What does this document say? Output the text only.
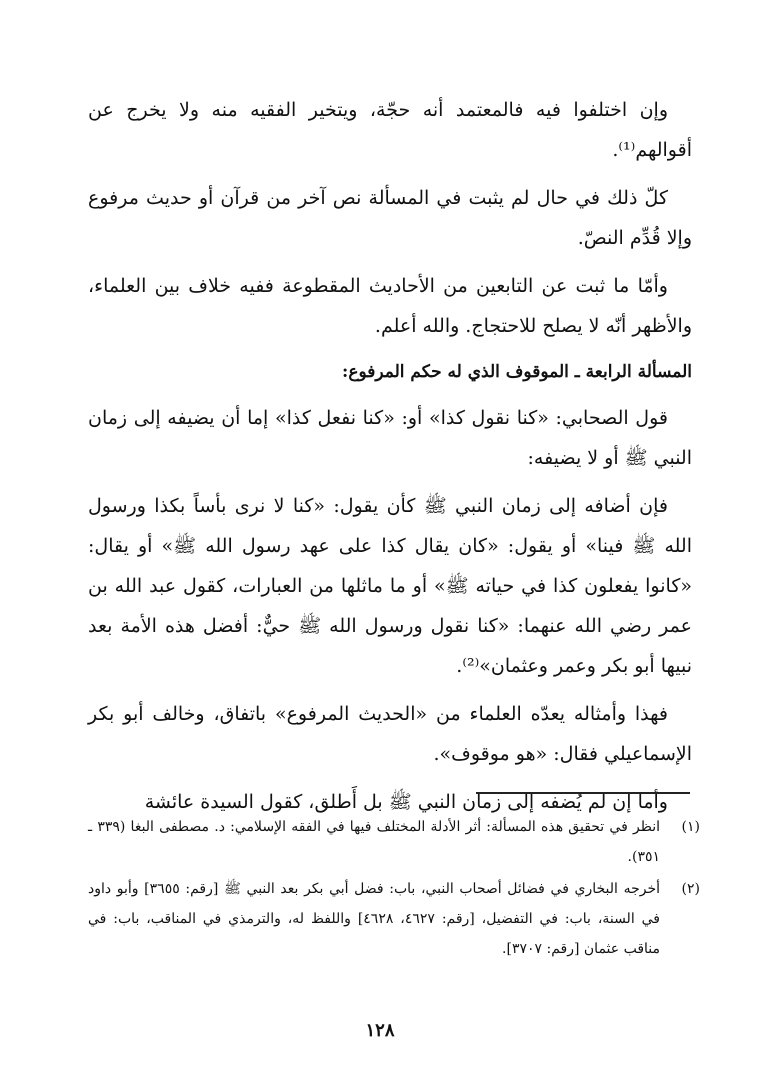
وإن اختلفوا فيه فالمعتمد أنه حجّة، ويتخير الفقيه منه ولا يخرج عن أقوالهم⁽¹⁾.

كلّ ذلك في حال لم يثبت في المسألة نص آخر من قرآن أو حديث مرفوع وإلا قُدِّم النصّ.

وأمّا ما ثبت عن التابعين من الأحاديث المقطوعة ففيه خلاف بين العلماء، والأظهر أنّه لا يصلح للاحتجاج. والله أعلم.

المسألة الرابعة ـ الموقوف الذي له حكم المرفوع:

قول الصحابي: «كنا نقول كذا» أو: «كنا نفعل كذا» إما أن يضيفه إلى زمان النبي ﷺ أو لا يضيفه:

فإن أضافه إلى زمان النبي ﷺ كأن يقول: «كنا لا نرى بأساً بكذا ورسول الله ﷺ فينا» أو يقول: «كان يقال كذا على عهد رسول الله ﷺ» أو يقال: «كانوا يفعلون كذا في حياته ﷺ» أو ما ماثلها من العبارات، كقول عبد الله بن عمر رضي الله عنهما: «كنا نقول ورسول الله ﷺ حيٌّ: أفضل هذه الأمة بعد نبيها أبو بكر وعمر وعثمان»⁽²⁾.

فهذا وأمثاله يعدّه العلماء من «الحديث المرفوع» باتفاق، وخالف أبو بكر الإسماعيلي فقال: «هو موقوف».

وأما إن لم يُضفه إلى زمان النبي ﷺ بل أَطلق، كقول السيدة عائشة

(١)
انظر في تحقيق هذه المسألة: أثر الأدلة المختلف فيها في الفقه الإسلامي: د. مصطفى البغا (٣٣٩ ـ ٣٥١).
(٢)
أخرجه البخاري في فضائل أصحاب النبي، باب: فضل أبي بكر بعد النبي ﷺ [رقم: ٣٦٥٥] وأبو داود في السنة، باب: في التفضيل، [رقم: ٤٦٢٧، ٤٦٢٨] واللفظ له، والترمذي في المناقب، باب: في مناقب عثمان [رقم: ٣٧٠٧].
١٢٨
